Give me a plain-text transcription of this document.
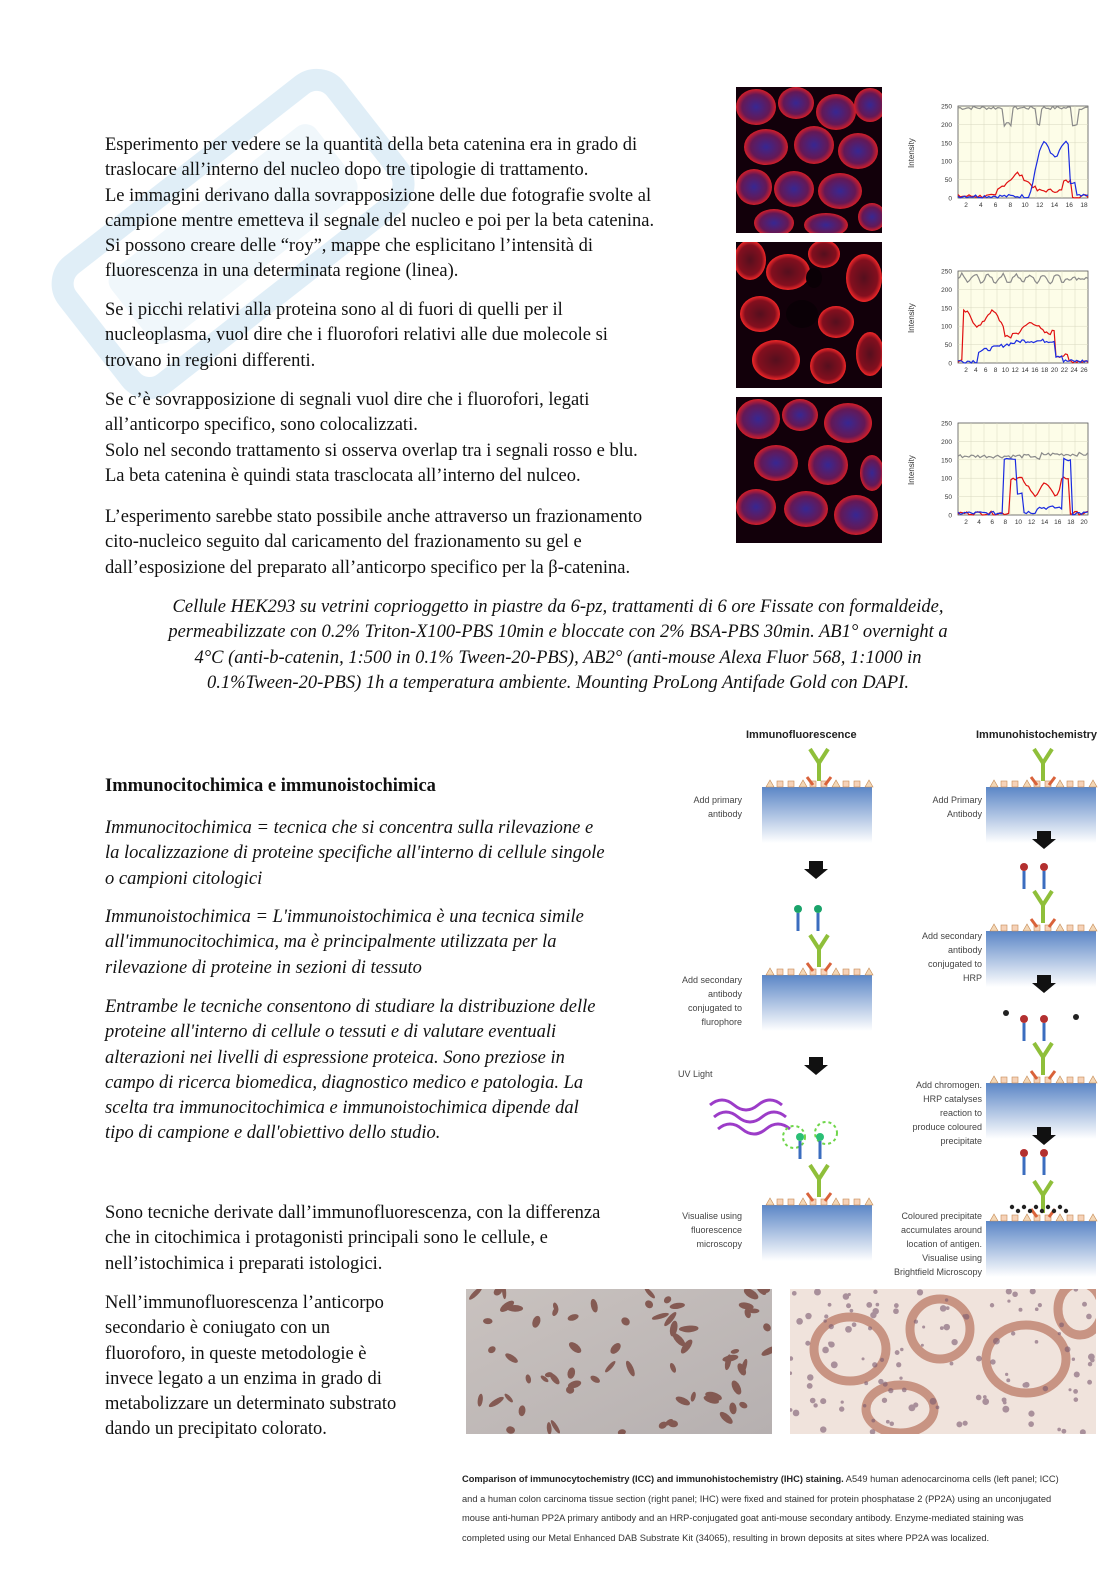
Esperimento per vedere se la quantità della beta catenina era in grado di
traslocare all’interno del nucleo dopo tre tipologie di trattamento.
Le immagini derivano dalla sovrapposizione delle due fotografie svolte al
campione mentre emetteva il segnale del nucleo e poi per la beta catenina.
Si possono creare delle “roy”, mappe che esplicitano l’intensità di
fluorescenza in una determinata regione (linea).
Se i picchi relativi alla proteina sono al di fuori di quelli per il
nucleoplasma, vuol dire che i fluorofori relativi alle due molecole si
trovano in regioni differenti.
Se c’è sovrapposizione di segnali vuol dire che i fluorofori, legati
all’anticorpo specifico, sono colocalizzati.
Solo nel secondo trattamento si osserva overlap tra i segnali rosso e blu.
La beta catenina è quindi stata trasclocata all’interno del nulceo.
L’esperimento sarebbe stato possibile anche attraverso un frazionamento
cito-nucleico seguito dal caricamento del frazionamento su gel e
dall’esposizione del preparato all’anticorpo specifico per la β-catenina.
250
200
150
100
50
0
2 4 6 8 10 12 14 16 18
Intensity
250
200
150
100
50
0
2 4 6 8 10 12 14 16 18 20 22 24 26
Intensity
250
200
150
100
50
0
2 4 6 8 10 12 14 16 18 20
Intensity
Cellule HEK293 su vetrini coprioggetto in piastre da 6-pz, trattamenti di 6 ore Fissate con formaldeide,
permeabilizzate con 0.2% Triton-X100-PBS 10min e bloccate con 2% BSA-PBS 30min. AB1° overnight a
4°C (anti-b-catenin, 1:500 in 0.1% Tween-20-PBS), AB2° (anti-mouse Alexa Fluor 568, 1:1000 in
0.1%Tween-20-PBS) 1h a temperatura ambiente. Mounting ProLong Antifade Gold con DAPI.
Immunocitochimica e immunoistochimica
Immunocitochimica = tecnica che si concentra sulla rilevazione e
la localizzazione di proteine specifiche all'interno di cellule singole
o campioni citologici
Immunoistochimica = L'immunoistochimica è una tecnica simile
all'immunocitochimica, ma è principalmente utilizzata per la
rilevazione di proteine in sezioni di tessuto
Entrambe le tecniche consentono di studiare la distribuzione delle
proteine all'interno di cellule o tessuti e di valutare eventuali
alterazioni nei livelli di espressione proteica. Sono preziose in
campo di ricerca biomedica, diagnostico medico e patologia. La
scelta tra immunocitochimica e immunoistochimica dipende dal
tipo di campione e dall'obiettivo dello studio.
Sono tecniche derivate dall’immunofluorescenza, con la differenza
che in citochimica i protagonisti principali sono le cellule, e
nell’istochimica i preparati istologici.
Nell’immunofluorescenza l’anticorpo
secondario è coniugato con un
fluoroforo, in queste metodologie è
invece legato a un enzima in grado di
metabolizzare un determinato substrato
dando un precipitato colorato.
Immunofluorescence	Immunohistochemistry
Add primary
antibody
Add secondary
antibody
conjugated to
flurophore
UV Light
Visualise using
fluorescence
microscopy
Add Primary
Antibody
Add secondary
antibody
conjugated to
HRP
Add chromogen.
HRP catalyses
reaction to
produce coloured
precipitate
Coloured precipitate
accumulates around
location of antigen.
Visualise using
Brightfield Microscopy
Comparison of immunocytochemistry (ICC) and immunohistochemistry (IHC) staining. A549 human adenocarcinoma cells (left panel; ICC)
and a human colon carcinoma tissue section (right panel; IHC) were fixed and stained for protein phosphatase 2 (PP2A) using an unconjugated
mouse anti-human PP2A primary antibody and an HRP-conjugated goat anti-mouse secondary antibody. Enzyme-mediated staining was
completed using our Metal Enhanced DAB Substrate Kit (34065), resulting in brown deposits at sites where PP2A was localized.
